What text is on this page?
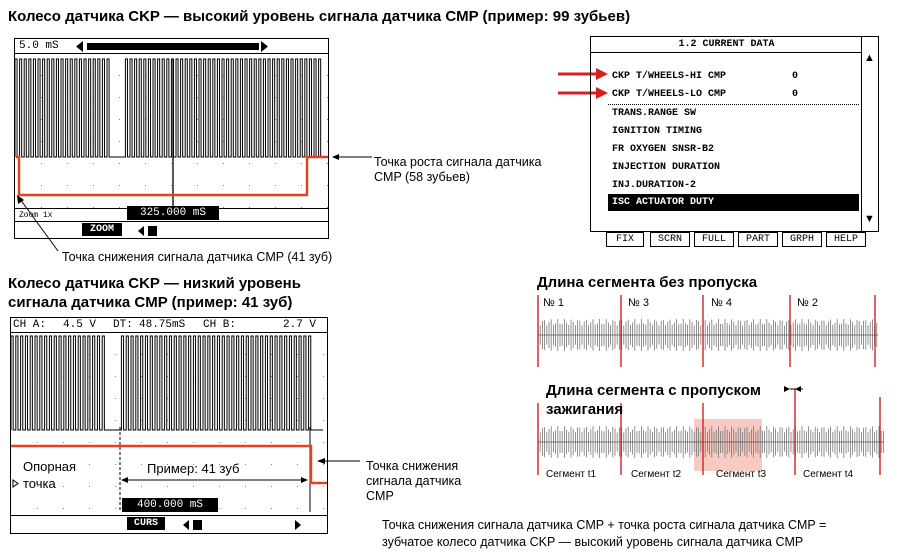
Колесо датчика CKP — высокий уровень сигнала датчика CMP (пример: 99 зубьев)
5.0 mS
Zoom 1x	325.000 mS
ZOOM
Точка роста сигнала датчика CMP (58 зубьев)
Точка снижения сигнала датчика CMP (41 зуб)
1.2 CURRENT DATA
▲
▼
CKP T/WHEELS-HI CMP	0
CKP T/WHEELS-LO CMP	0
TRANS.RANGE SW
IGNITION TIMING
FR OXYGEN SNSR-B2
INJECTION DURATION
INJ.DURATION-2
ISC ACTUATOR DUTY
FIX	SCRN	FULL	PART	GRPH	HELP
Колесо датчика CKP — низкий уровень
сигнала датчика CMP (пример: 41 зуб)
CH A: 4.5 V DT: 48.75mS CH B:	2.7 V
Опорная
точка
Пример: 41 зуб
400.000 mS
CURS
Точка снижения
сигнала датчика
CMP
Длина сегмента без пропуска
№ 1	№ 3	№ 4	№ 2
Длина сегмента с пропуском
зажигания
Сегмент t1	Сегмент t2	Сегмент t3	Сегмент t4
Точка снижения сигнала датчика CMP + точка роста сигнала датчика CMP =
зубчатое колесо датчика CKP — высокий уровень сигнала датчика CMP
